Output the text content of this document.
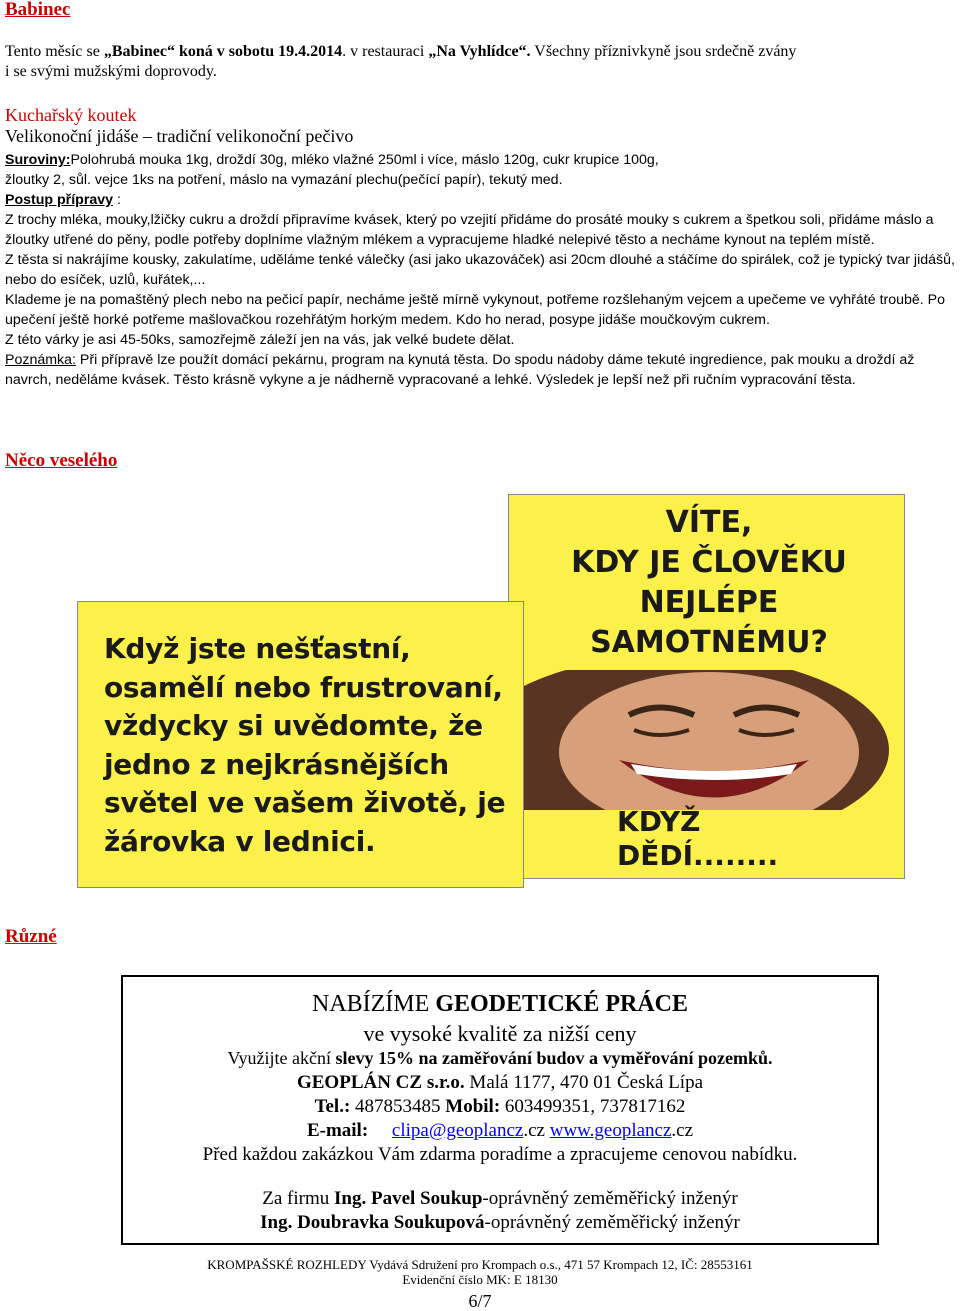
Babinec

Tento měsíc se „Babinec“ koná v sobotu 19.4.2014. v restauraci „Na Vyhlídce“. Všechny příznivkyně jsou srdečně zvány

i se svými mužskými doprovody.

Kuchařský koutek

Velikonoční jidáše – tradiční velikonoční pečivo

Suroviny:Polohrubá mouka 1kg, droždí 30g, mléko vlažné 250ml i více, máslo 120g, cukr krupice 100g,

žloutky 2, sůl. vejce 1ks na potření, máslo na vymazání plechu(pečící papír), tekutý med.

Postup přípravy :

Z trochy mléka, mouky,lžičky cukru a droždí připravíme kvásek, který po vzejití přidáme do prosáté mouky s cukrem a špetkou soli, přidáme máslo a žloutky utřené do pěny, podle potřeby doplníme vlažným mlékem a vypracujeme hladké nelepivé těsto a necháme kynout na teplém místě.

Z těsta si nakrájíme kousky, zakulatíme, uděláme tenké válečky (asi jako ukazováček) asi 20cm dlouhé a stáčíme do spirálek, což je typický tvar jidášů, nebo do esíček, uzlů, kuřátek,...

Klademe je na pomaštěný plech nebo na pečicí papír, necháme ještě mírně vykynout, potřeme rozšlehaným vejcem a upečeme ve vyhřáté troubě. Po upečení ještě horké potřeme mašlovačkou rozehřátým horkým medem. Kdo ho nerad, posype jidáše moučkovým cukrem.

Z této várky je asi 45-50ks, samozřejmě záleží jen na vás, jak velké budete dělat.

Poznámka: Při přípravě lze použít domácí pekárnu, program na kynutá těsta. Do spodu nádoby dáme tekuté ingredience, pak mouku a droždí až navrch, neděláme kvásek. Těsto krásně vykyne a je nádherně vypracované a lehké. Výsledek je lepší než při ručním vypracování těsta.

Něco veselého
VÍTE,
KDY JE ČLOVĚKU
NEJLÉPE
SAMOTNÉMU?
KDYŽ
DĚDÍ........
Když jste nešťastní,
osamělí nebo frustrovaní,
vždycky si uvědomte, že
jedno z nejkrásnějších
světel ve vašem životě, je
žárovka v lednici.
Různé
NABÍZÍME GEODETICKÉ PRÁCE
ve vysoké kvalitě za nižší ceny
Využijte akční slevy 15% na zaměřování budov a vyměřování pozemků.
GEOPLÁN CZ s.r.o. Malá 1177, 470 01 Česká Lípa
Tel.: 487853485 Mobil: 603499351, 737817162
E-mail: clipa@geoplancz.cz www.geoplancz.cz
Před každou zakázkou Vám zdarma poradíme a zpracujeme cenovou nabídku.
Za firmu Ing. Pavel Soukup-oprávněný zeměměřický inženýr
Ing. Doubravka Soukupová-oprávněný zeměměřický inženýr
KROMPAŠSKÉ ROZHLEDY Vydává Sdružení pro Krompach o.s., 471 57 Krompach 12, IČ: 28553161
Evidenční číslo MK: E 18130
6/7
